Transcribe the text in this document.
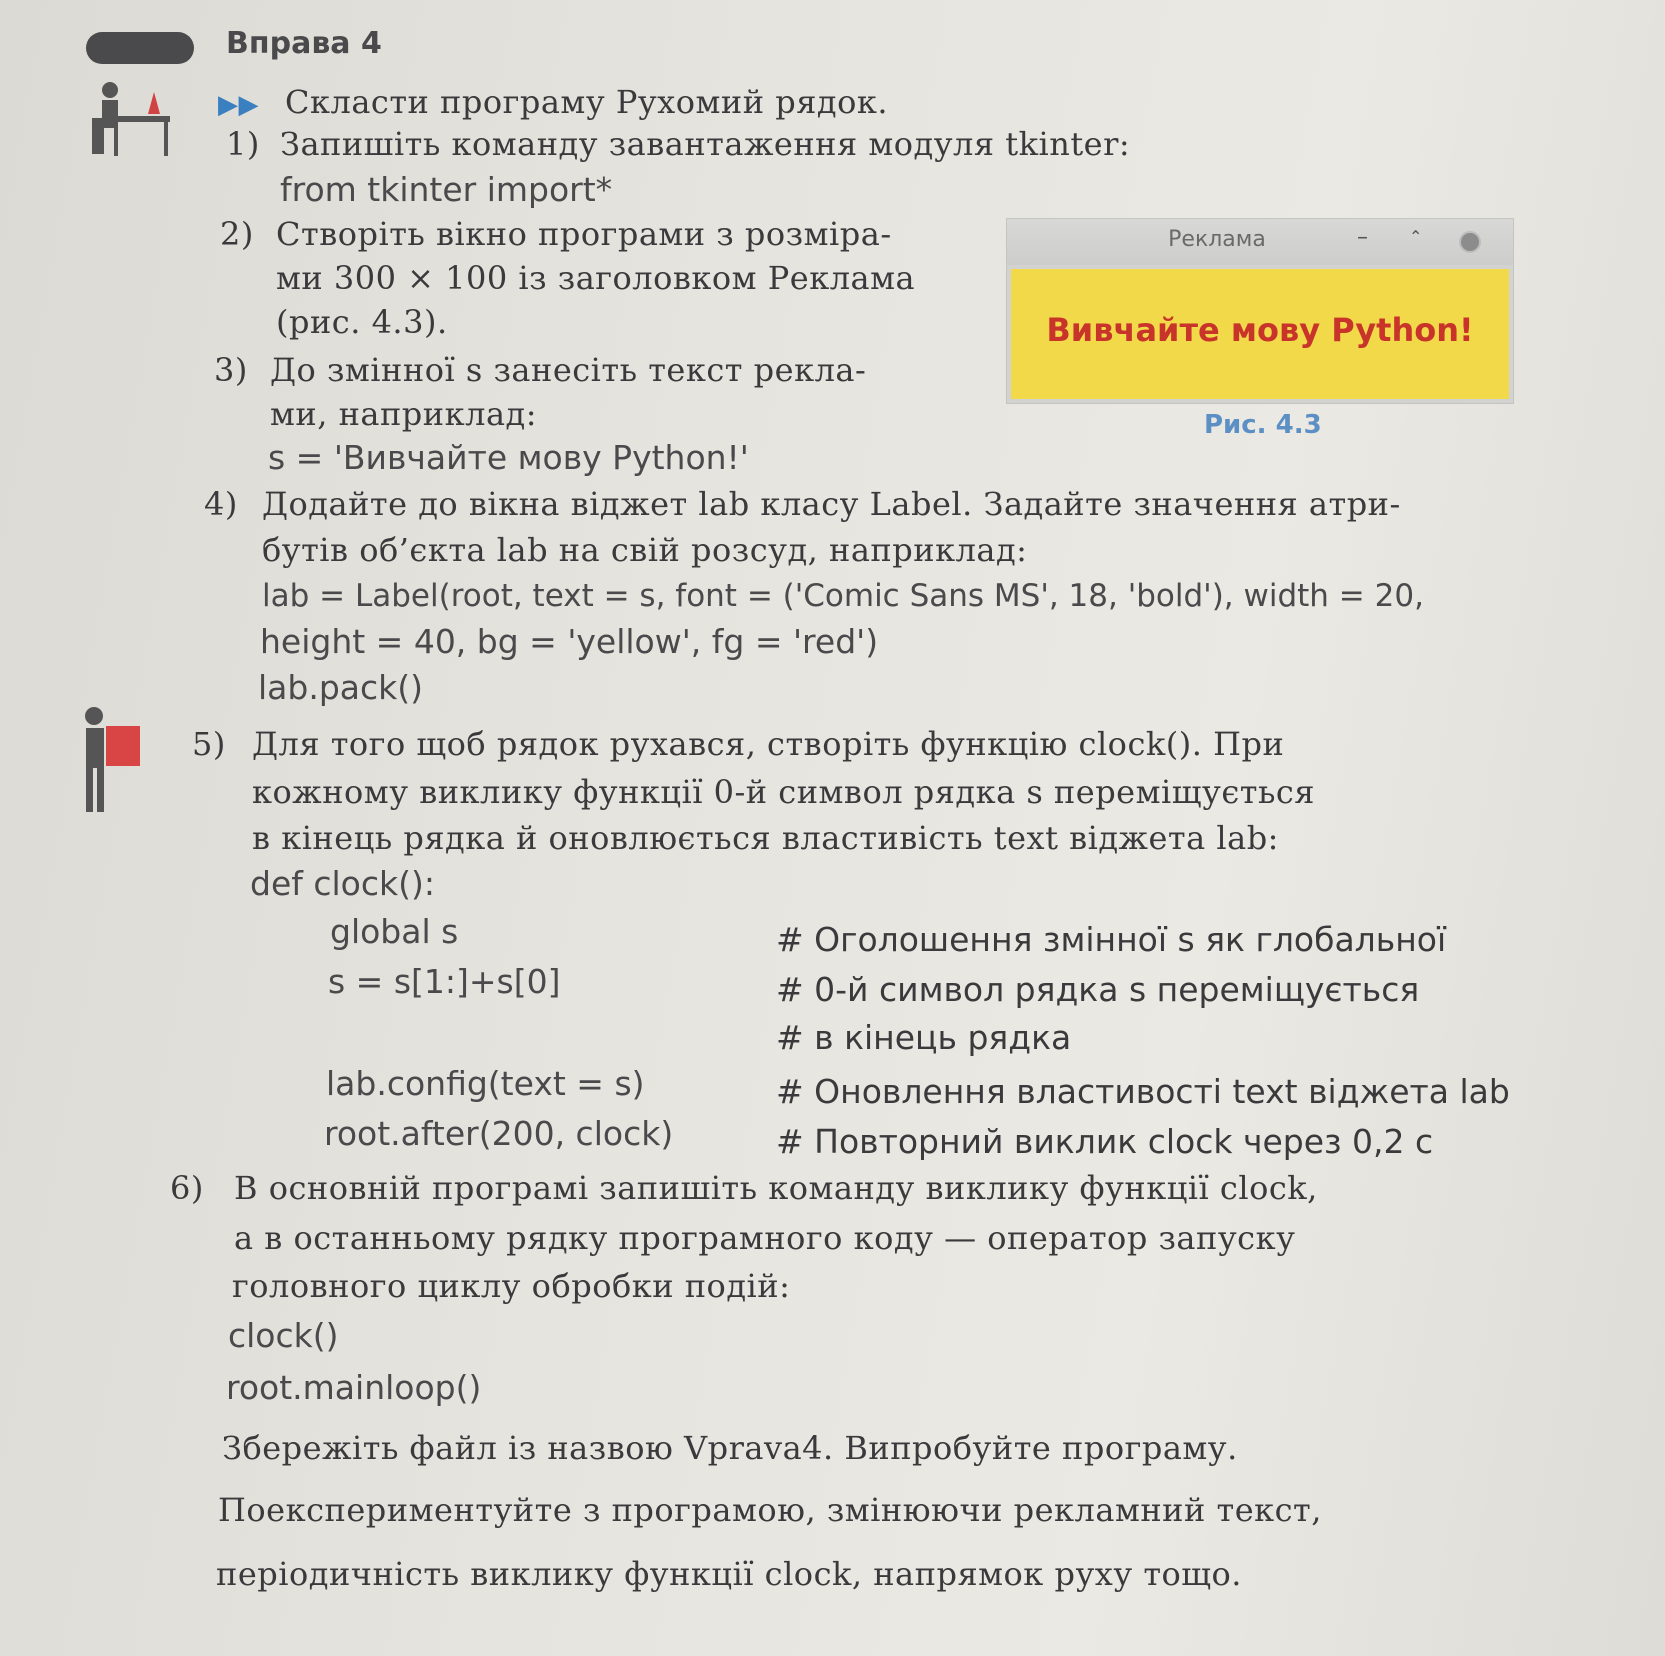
Вправа 4
▶▶ Скласти програму Рухомий рядок.
1) Запишіть команду завантаження модуля tkinter:
from tkinter import*
2) Створіть вікно програми з розміра-
ми 300 × 100 із заголовком Реклама
(рис. 4.3).
3) До змінної s занесіть текст рекла-
ми, наприклад:
s = 'Вивчайте мову Python!'
Реклама	–	⌃
Вивчайте мову Python!
Рис. 4.3
4) Додайте до вікна віджет lab класу Label. Задайте значення атри-
бутів об’єкта lab на свій розсуд, наприклад:
lab = Label(root, text = s, font = ('Comic Sans MS', 18, 'bold'), width = 20,
height = 40, bg = 'yellow', fg = 'red')
lab.pack()
5) Для того щоб рядок рухався, створіть функцію clock(). При
кожному виклику функції 0-й символ рядка s переміщується
в кінець рядка й оновлюється властивість text віджета lab:
def clock():
global s	# Оголошення змінної s як глобальної
s = s[1:]+s[0]	# 0-й символ рядка s переміщується
# в кінець рядка
lab.config(text = s)	# Оновлення властивості text віджета lab
root.after(200, clock)	# Повторний виклик clock через 0,2 с
6) В основній програмі запишіть команду виклику функції clock,
а в останньому рядку програмного коду — оператор запуску
головного циклу обробки подій:
clock()
root.mainloop()
Збережіть файл із назвою Vprava4. Випробуйте програму.
Поекспериментуйте з програмою, змінюючи рекламний текст,
періодичність виклику функції clock, напрямок руху тощо.
